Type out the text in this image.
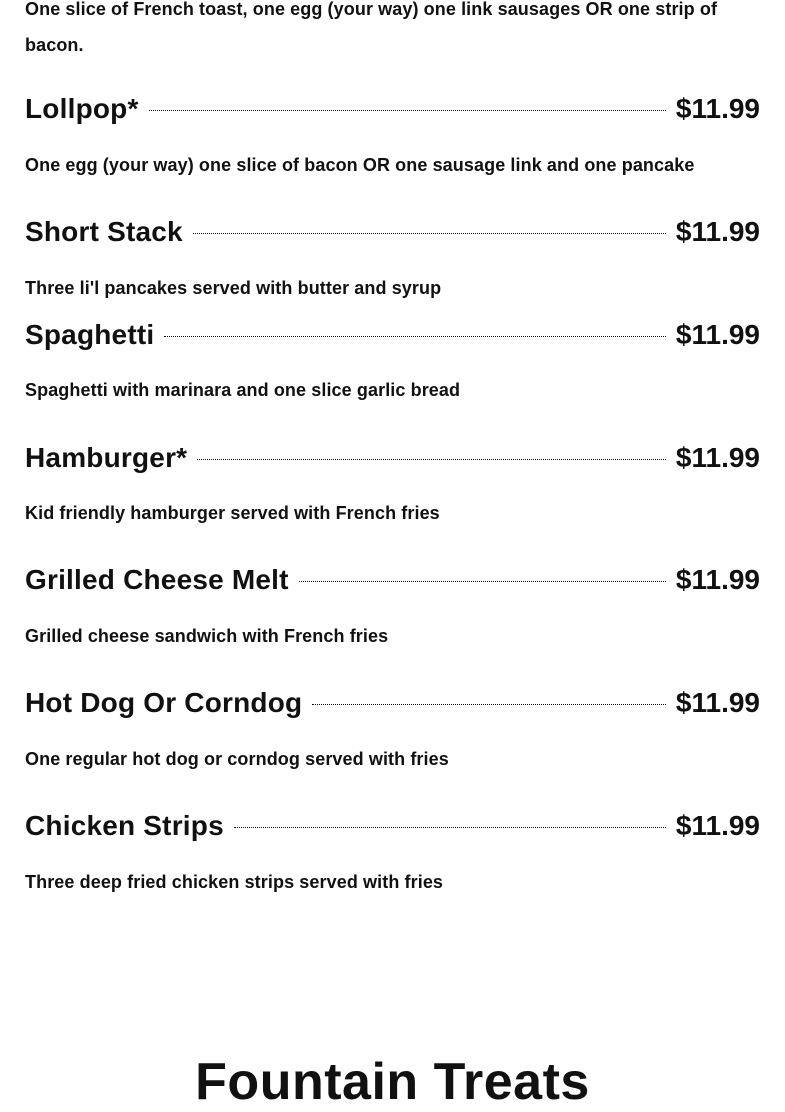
One slice of French toast, one egg (your way) one link sausages OR one strip of bacon.
Lollpop*	$11.99
One egg (your way) one slice of bacon OR one sausage link and one pancake
Short Stack	$11.99
Three li'l pancakes served with butter and syrup
Spaghetti	$11.99
Spaghetti with marinara and one slice garlic bread
Hamburger*	$11.99
Kid friendly hamburger served with French fries
Grilled Cheese Melt	$11.99
Grilled cheese sandwich with French fries
Hot Dog Or Corndog	$11.99
One regular hot dog or corndog served with fries
Chicken Strips	$11.99
Three deep fried chicken strips served with fries
Fountain Treats
